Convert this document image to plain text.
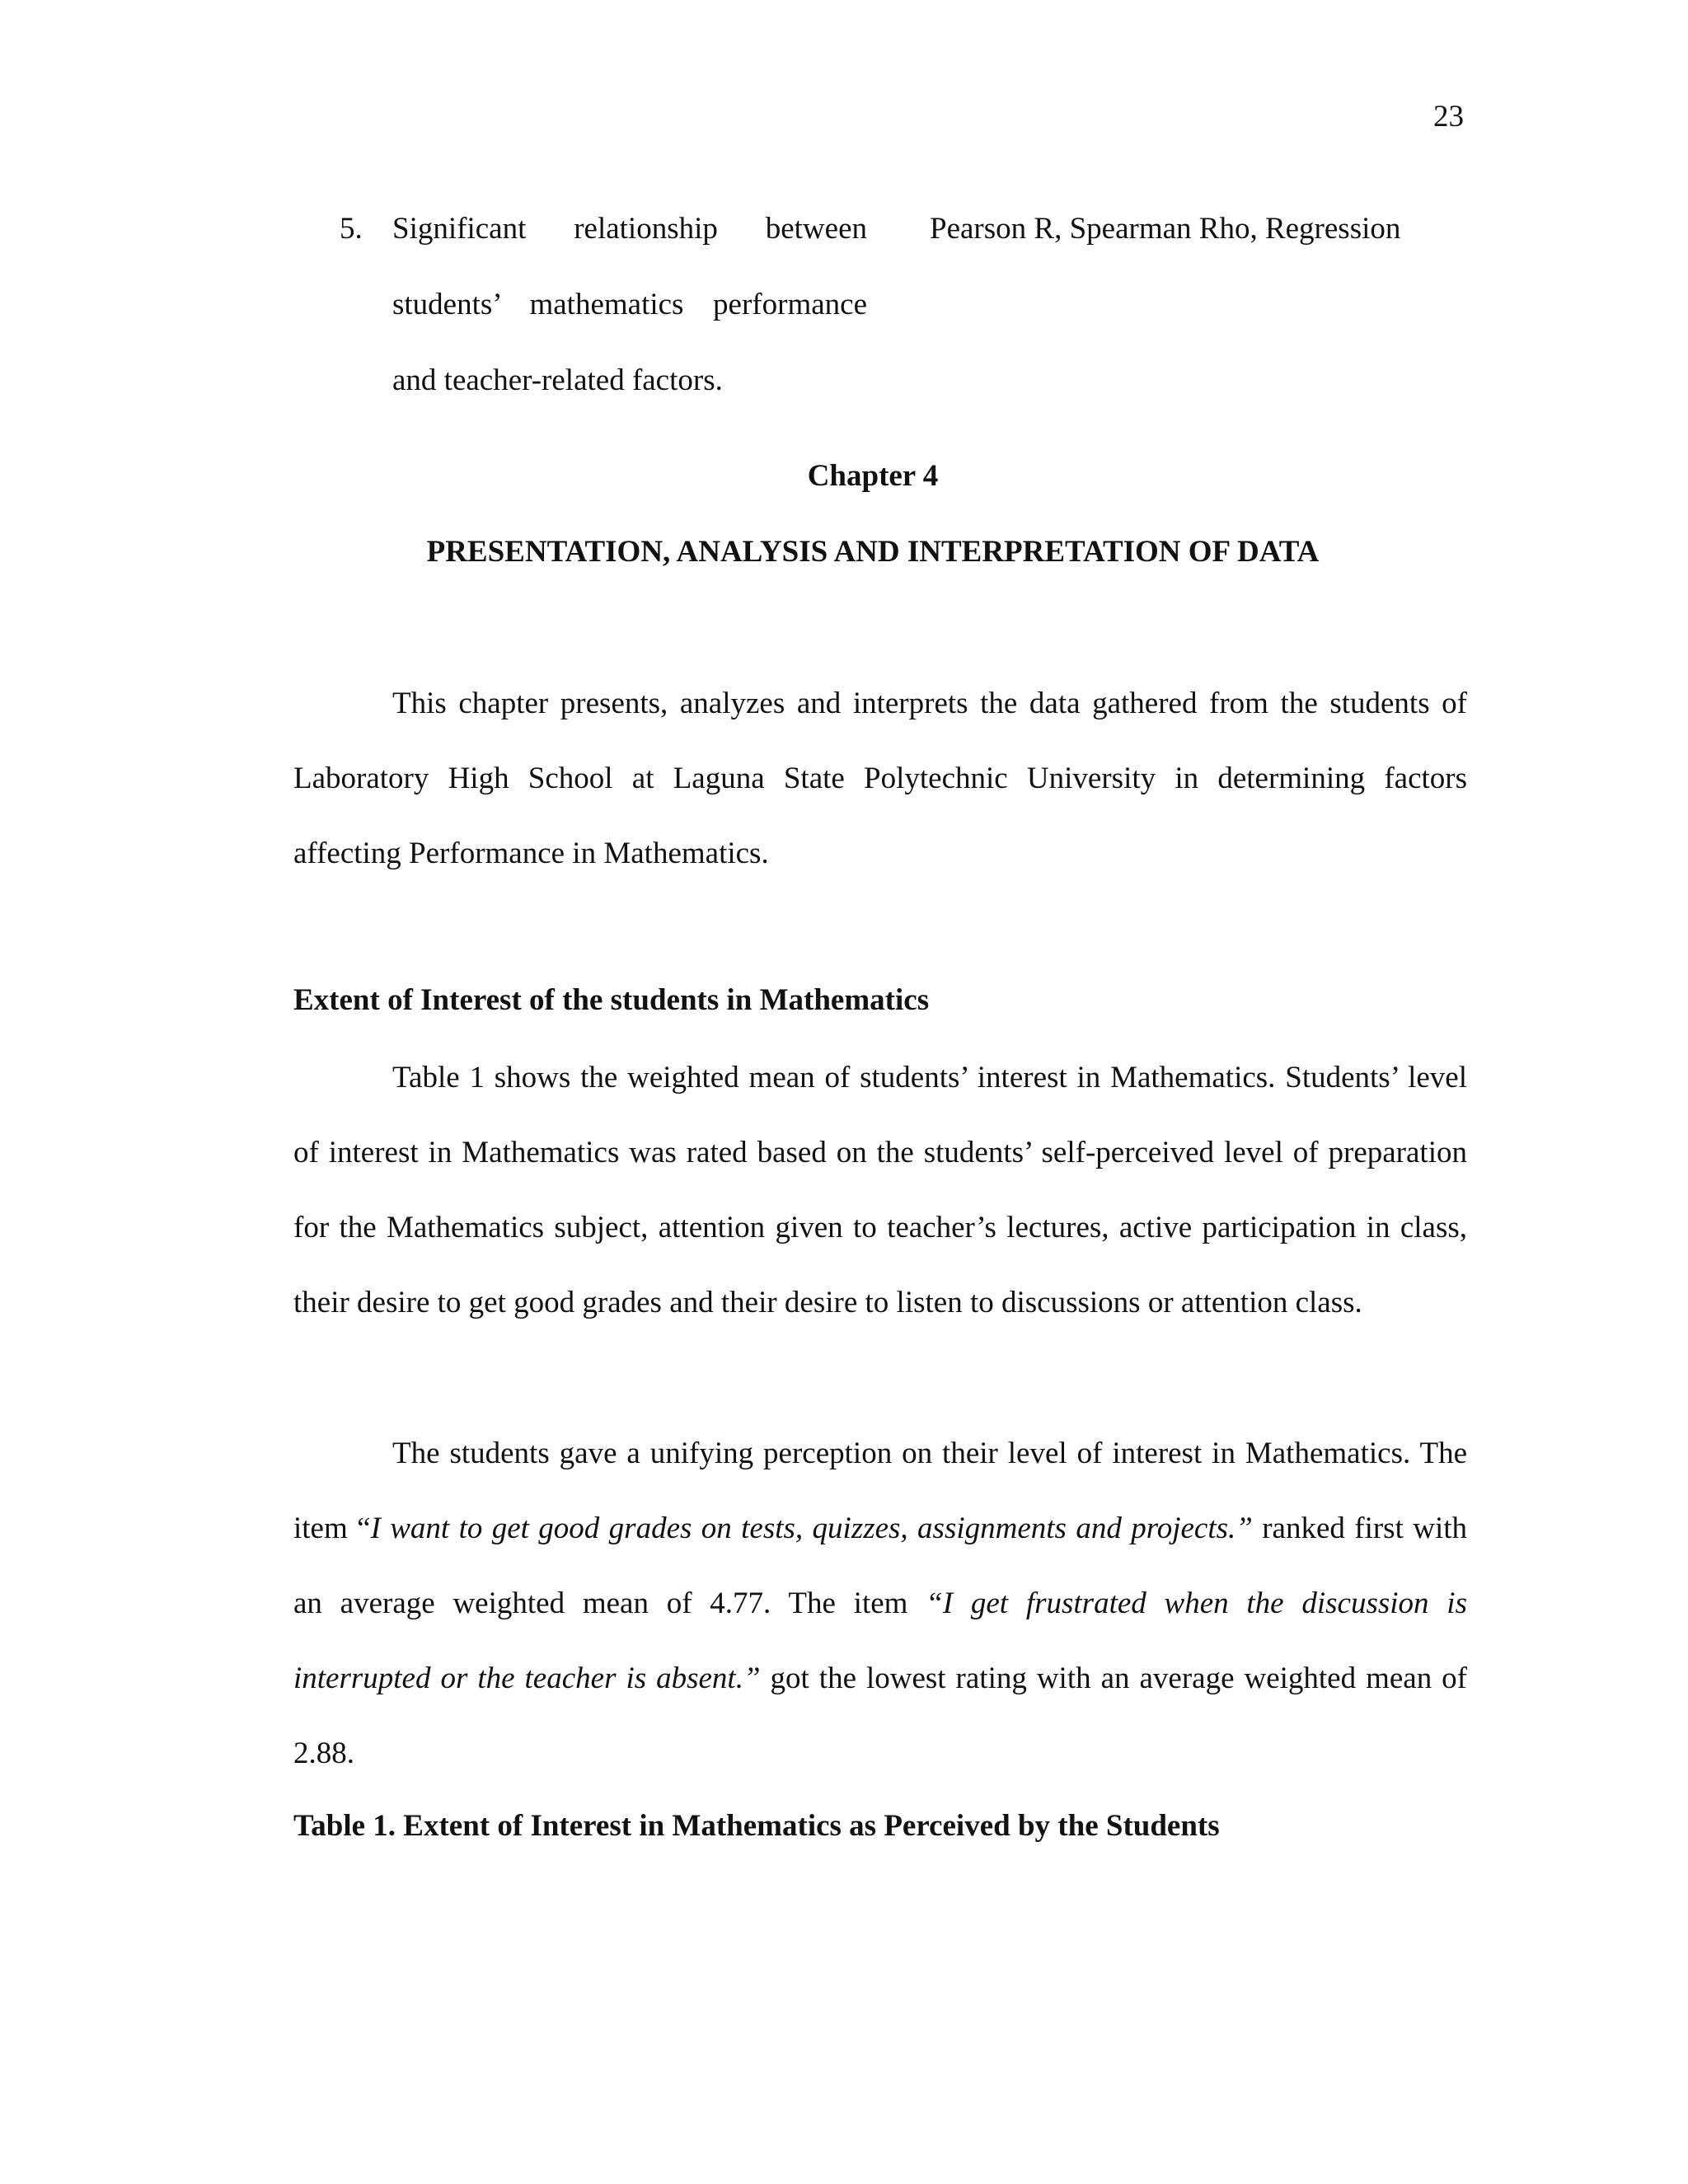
23
5. Significant relationship between
students’ mathematics performance
and teacher-related factors.
Pearson R, Spearman Rho, Regression
Chapter 4
PRESENTATION, ANALYSIS AND INTERPRETATION OF DATA

This chapter presents, analyzes and interprets the data gathered from the students of Laboratory High School at Laguna State Polytechnic University in determining factors affecting Performance in Mathematics.

Extent of Interest of the students in Mathematics

Table 1 shows the weighted mean of students’ interest in Mathematics. Students’ level of interest in Mathematics was rated based on the students’ self-perceived level of preparation for the Mathematics subject, attention given to teacher’s lectures, active participation in class, their desire to get good grades and their desire to listen to discussions or attention class.

The students gave a unifying perception on their level of interest in Mathematics. The item “I want to get good grades on tests, quizzes, assignments and projects.” ranked first with an average weighted mean of 4.77. The item “I get frustrated when the discussion is interrupted or the teacher is absent.” got the lowest rating with an average weighted mean of 2.88.

Table 1. Extent of Interest in Mathematics as Perceived by the Students
